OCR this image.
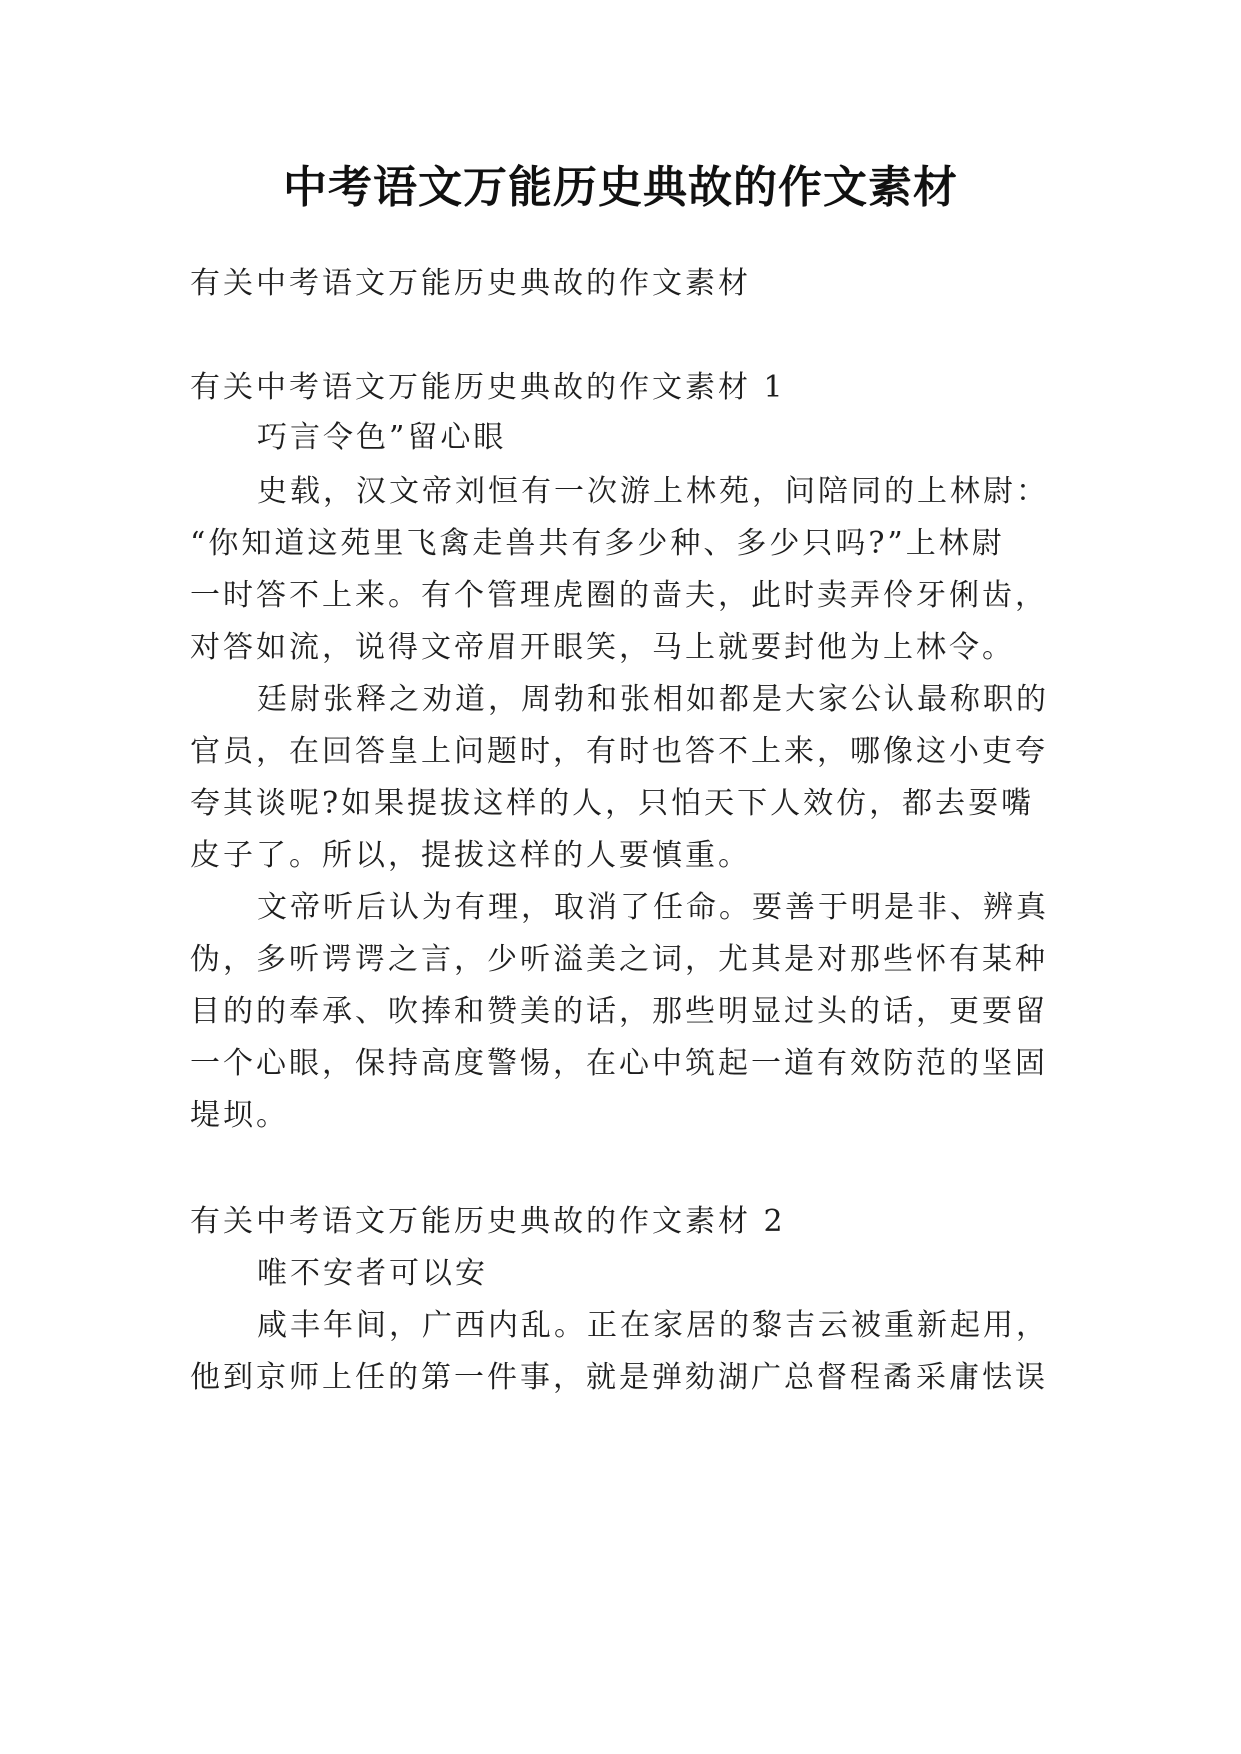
中考语文万能历史典故的作文素材
有关中考语文万能历史典故的作文素材
有关中考语文万能历史典故的作文素材 1
巧言令色”留心眼
史载，汉文帝刘恒有一次游上林苑，问陪同的上林尉：
“你知道这苑里飞禽走兽共有多少种、多少只吗?”上林尉
一时答不上来。有个管理虎圈的啬夫，此时卖弄伶牙俐齿，
对答如流，说得文帝眉开眼笑，马上就要封他为上林令。
廷尉张释之劝道，周勃和张相如都是大家公认最称职的
官员，在回答皇上问题时，有时也答不上来，哪像这小吏夸
夸其谈呢?如果提拔这样的人，只怕天下人效仿，都去耍嘴
皮子了。所以，提拔这样的人要慎重。
文帝听后认为有理，取消了任命。要善于明是非、辨真
伪，多听谔谔之言，少听溢美之词，尤其是对那些怀有某种
目的的奉承、吹捧和赞美的话，那些明显过头的话，更要留
一个心眼，保持高度警惕，在心中筑起一道有效防范的坚固
堤坝。
有关中考语文万能历史典故的作文素材 2
唯不安者可以安
咸丰年间，广西内乱。正在家居的黎吉云被重新起用，
他到京师上任的第一件事，就是弹劾湖广总督程矞采庸怯误
